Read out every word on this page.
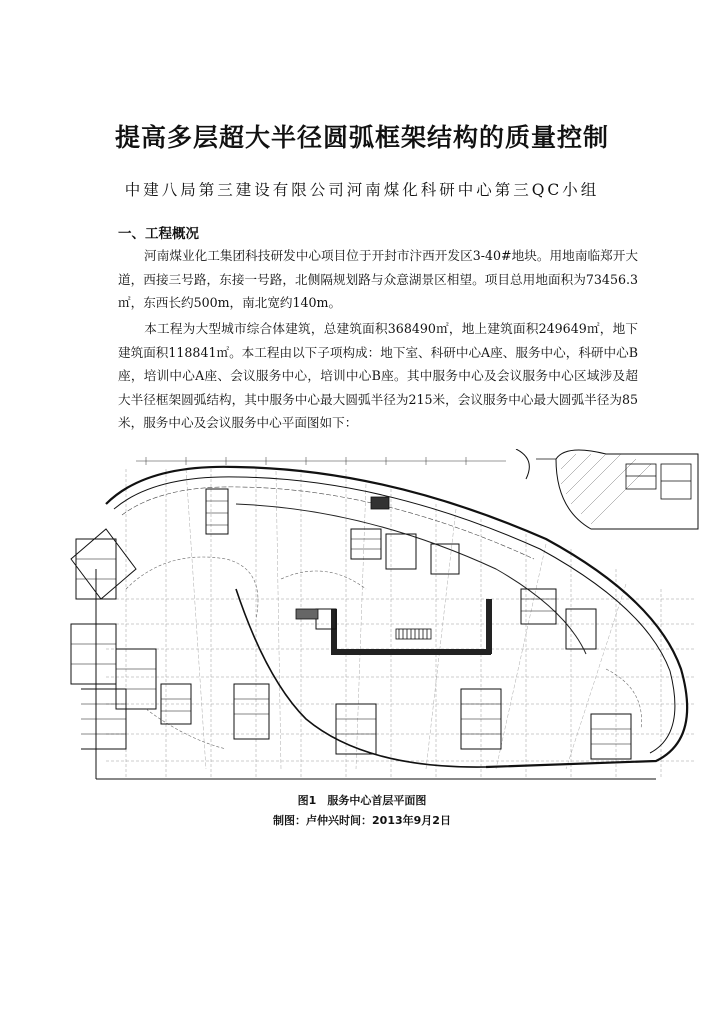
提高多层超大半径圆弧框架结构的质量控制
中建八局第三建设有限公司河南煤化科研中心第三QC小组
一、工程概况
河南煤业化工集团科技研发中心项目位于开封市汴西开发区3-40#地块。用地南临郑开大道，西接三号路，东接一号路，北侧隔规划路与众意湖景区相望。项目总用地面积为73456.3㎡，东西长约500m，南北宽约140m。
本工程为大型城市综合体建筑，总建筑面积368490㎡，地上建筑面积249649㎡，地下建筑面积118841㎡。本工程由以下子项构成：地下室、科研中心A座、服务中心，科研中心B座，培训中心A座、会议服务中心，培训中心B座。其中服务中心及会议服务中心区域涉及超大半径框架圆弧结构，其中服务中心最大圆弧半径为215米，会议服务中心最大圆弧半径为85米，服务中心及会议服务中心平面图如下：
图1　服务中心首层平面图
制图：卢仲兴时间：2013年9月2日
